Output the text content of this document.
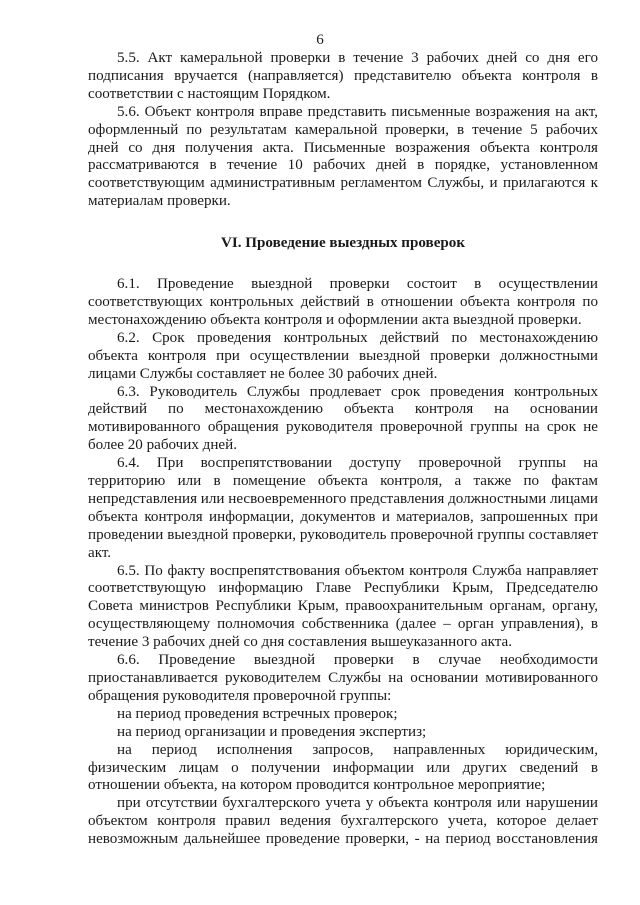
6

5.5. Акт камеральной проверки в течение 3 рабочих дней со дня его подписания вручается (направляется) представителю объекта контроля в соответствии с настоящим Порядком.

5.6. Объект контроля вправе представить письменные возражения на акт, оформленный по результатам камеральной проверки, в течение 5 рабочих дней со дня получения акта. Письменные возражения объекта контроля рассматриваются в течение 10 рабочих дней в порядке, установленном соответствующим административным регламентом Службы, и прилагаются к материалам проверки.

VI. Проведение выездных проверок

6.1. Проведение выездной проверки состоит в осуществлении соответствующих контрольных действий в отношении объекта контроля по местонахождению объекта контроля и оформлении акта выездной проверки.

6.2. Срок проведения контрольных действий по местонахождению объекта контроля при осуществлении выездной проверки должностными лицами Службы составляет не более 30 рабочих дней.

6.3. Руководитель Службы продлевает срок проведения контрольных действий по местонахождению объекта контроля на основании мотивированного обращения руководителя проверочной группы на срок не более 20 рабочих дней.

6.4. При воспрепятствовании доступу проверочной группы на территорию или в помещение объекта контроля, а также по фактам непредставления или несвоевременного представления должностными лицами объекта контроля информации, документов и материалов, запрошенных при проведении выездной проверки, руководитель проверочной группы составляет акт.

6.5. По факту воспрепятствования объектом контроля Служба направляет соответствующую информацию Главе Республики Крым, Председателю Совета министров Республики Крым, правоохранительным органам, органу, осуществляющему полномочия собственника (далее – орган управления), в течение 3 рабочих дней со дня составления вышеуказанного акта.

6.6. Проведение выездной проверки в случае необходимости приостанавливается руководителем Службы на основании мотивированного обращения руководителя проверочной группы:

на период проведения встречных проверок;

на период организации и проведения экспертиз;

на период исполнения запросов, направленных юридическим, физическим лицам о получении информации или других сведений в отношении объекта, на котором проводится контрольное мероприятие;

при отсутствии бухгалтерского учета у объекта контроля или нарушении объектом контроля правил ведения бухгалтерского учета, которое делает невозможным дальнейшее проведение проверки, - на период восстановления
